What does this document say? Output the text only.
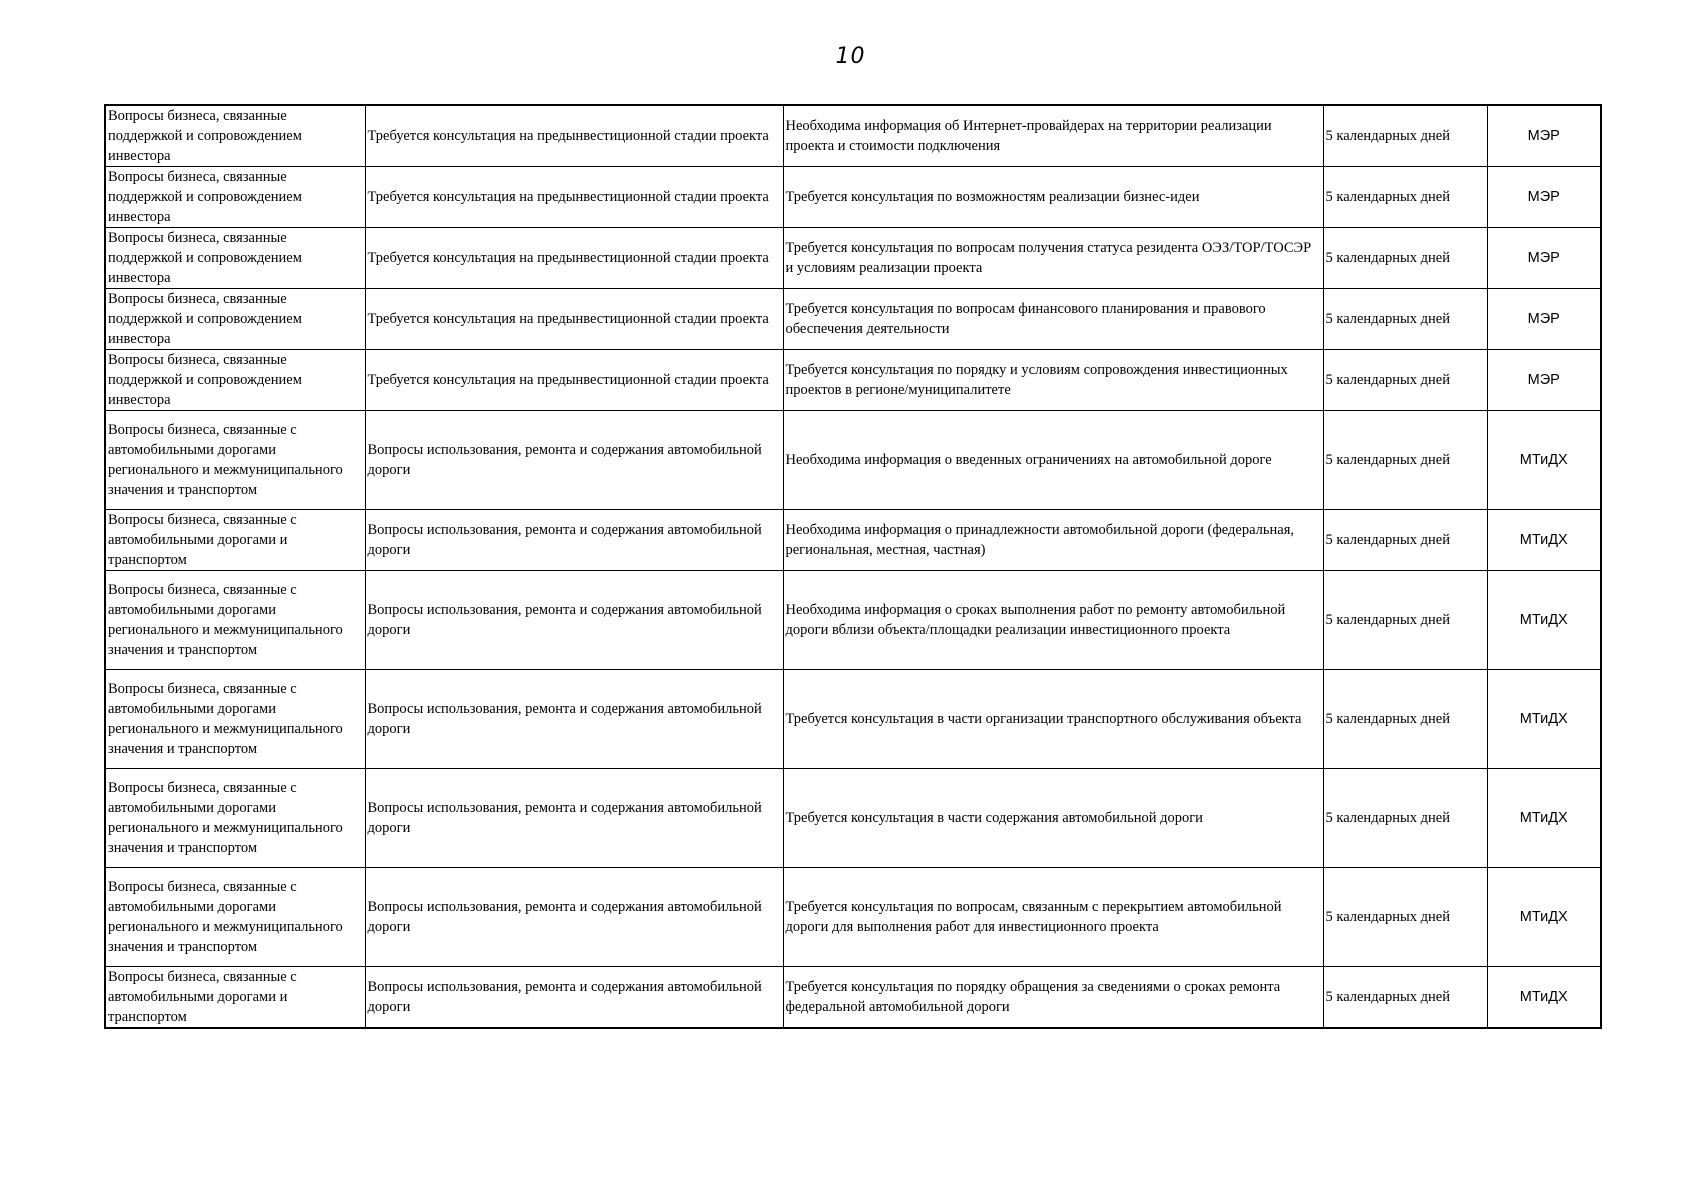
10
Вопросы бизнеса, связанные поддержкой и сопровождением инвестора	Требуется консультация на предынвестиционной стадии проекта	Необходима информация об Интернет-провайдерах на территории реализации проекта и стоимости подключения	5 календарных дней	МЭР
Вопросы бизнеса, связанные поддержкой и сопровождением инвестора	Требуется консультация на предынвестиционной стадии проекта	Требуется консультация по возможностям реализации бизнес-идеи	5 календарных дней	МЭР
Вопросы бизнеса, связанные поддержкой и сопровождением инвестора	Требуется консультация на предынвестиционной стадии проекта	Требуется консультация по вопросам получения статуса резидента ОЭЗ/ТОР/ТОСЭР и условиям реализации проекта	5 календарных дней	МЭР
Вопросы бизнеса, связанные поддержкой и сопровождением инвестора	Требуется консультация на предынвестиционной стадии проекта	Требуется консультация по вопросам финансового планирования и правового обеспечения деятельности	5 календарных дней	МЭР
Вопросы бизнеса, связанные поддержкой и сопровождением инвестора	Требуется консультация на предынвестиционной стадии проекта	Требуется консультация по порядку и условиям сопровождения инвестиционных проектов в регионе/муниципалитете	5 календарных дней	МЭР
Вопросы бизнеса, связанные с автомобильными дорогами регионального и межмуниципального значения и транспортом	Вопросы использования, ремонта и содержания автомобильной дороги	Необходима информация о введенных ограничениях на автомобильной дороге	5 календарных дней	МТиДХ
Вопросы бизнеса, связанные с автомобильными дорогами и транспортом	Вопросы использования, ремонта и содержания автомобильной дороги	Необходима информация о принадлежности автомобильной дороги (федеральная, региональная, местная, частная)	5 календарных дней	МТиДХ
Вопросы бизнеса, связанные с автомобильными дорогами регионального и межмуниципального значения и транспортом	Вопросы использования, ремонта и содержания автомобильной дороги	Необходима информация о сроках выполнения работ по ремонту автомобильной дороги вблизи объекта/площадки реализации инвестиционного проекта	5 календарных дней	МТиДХ
Вопросы бизнеса, связанные с автомобильными дорогами регионального и межмуниципального значения и транспортом	Вопросы использования, ремонта и содержания автомобильной дороги	Требуется консультация в части организации транспортного обслуживания объекта	5 календарных дней	МТиДХ
Вопросы бизнеса, связанные с автомобильными дорогами регионального и межмуниципального значения и транспортом	Вопросы использования, ремонта и содержания автомобильной дороги	Требуется консультация в части содержания автомобильной дороги	5 календарных дней	МТиДХ
Вопросы бизнеса, связанные с автомобильными дорогами регионального и межмуниципального значения и транспортом	Вопросы использования, ремонта и содержания автомобильной дороги	Требуется консультация по вопросам, связанным с перекрытием автомобильной дороги для выполнения работ для инвестиционного проекта	5 календарных дней	МТиДХ
Вопросы бизнеса, связанные с автомобильными дорогами и транспортом	Вопросы использования, ремонта и содержания автомобильной дороги	Требуется консультация по порядку обращения за сведениями о сроках ремонта федеральной автомобильной дороги	5 календарных дней	МТиДХ
